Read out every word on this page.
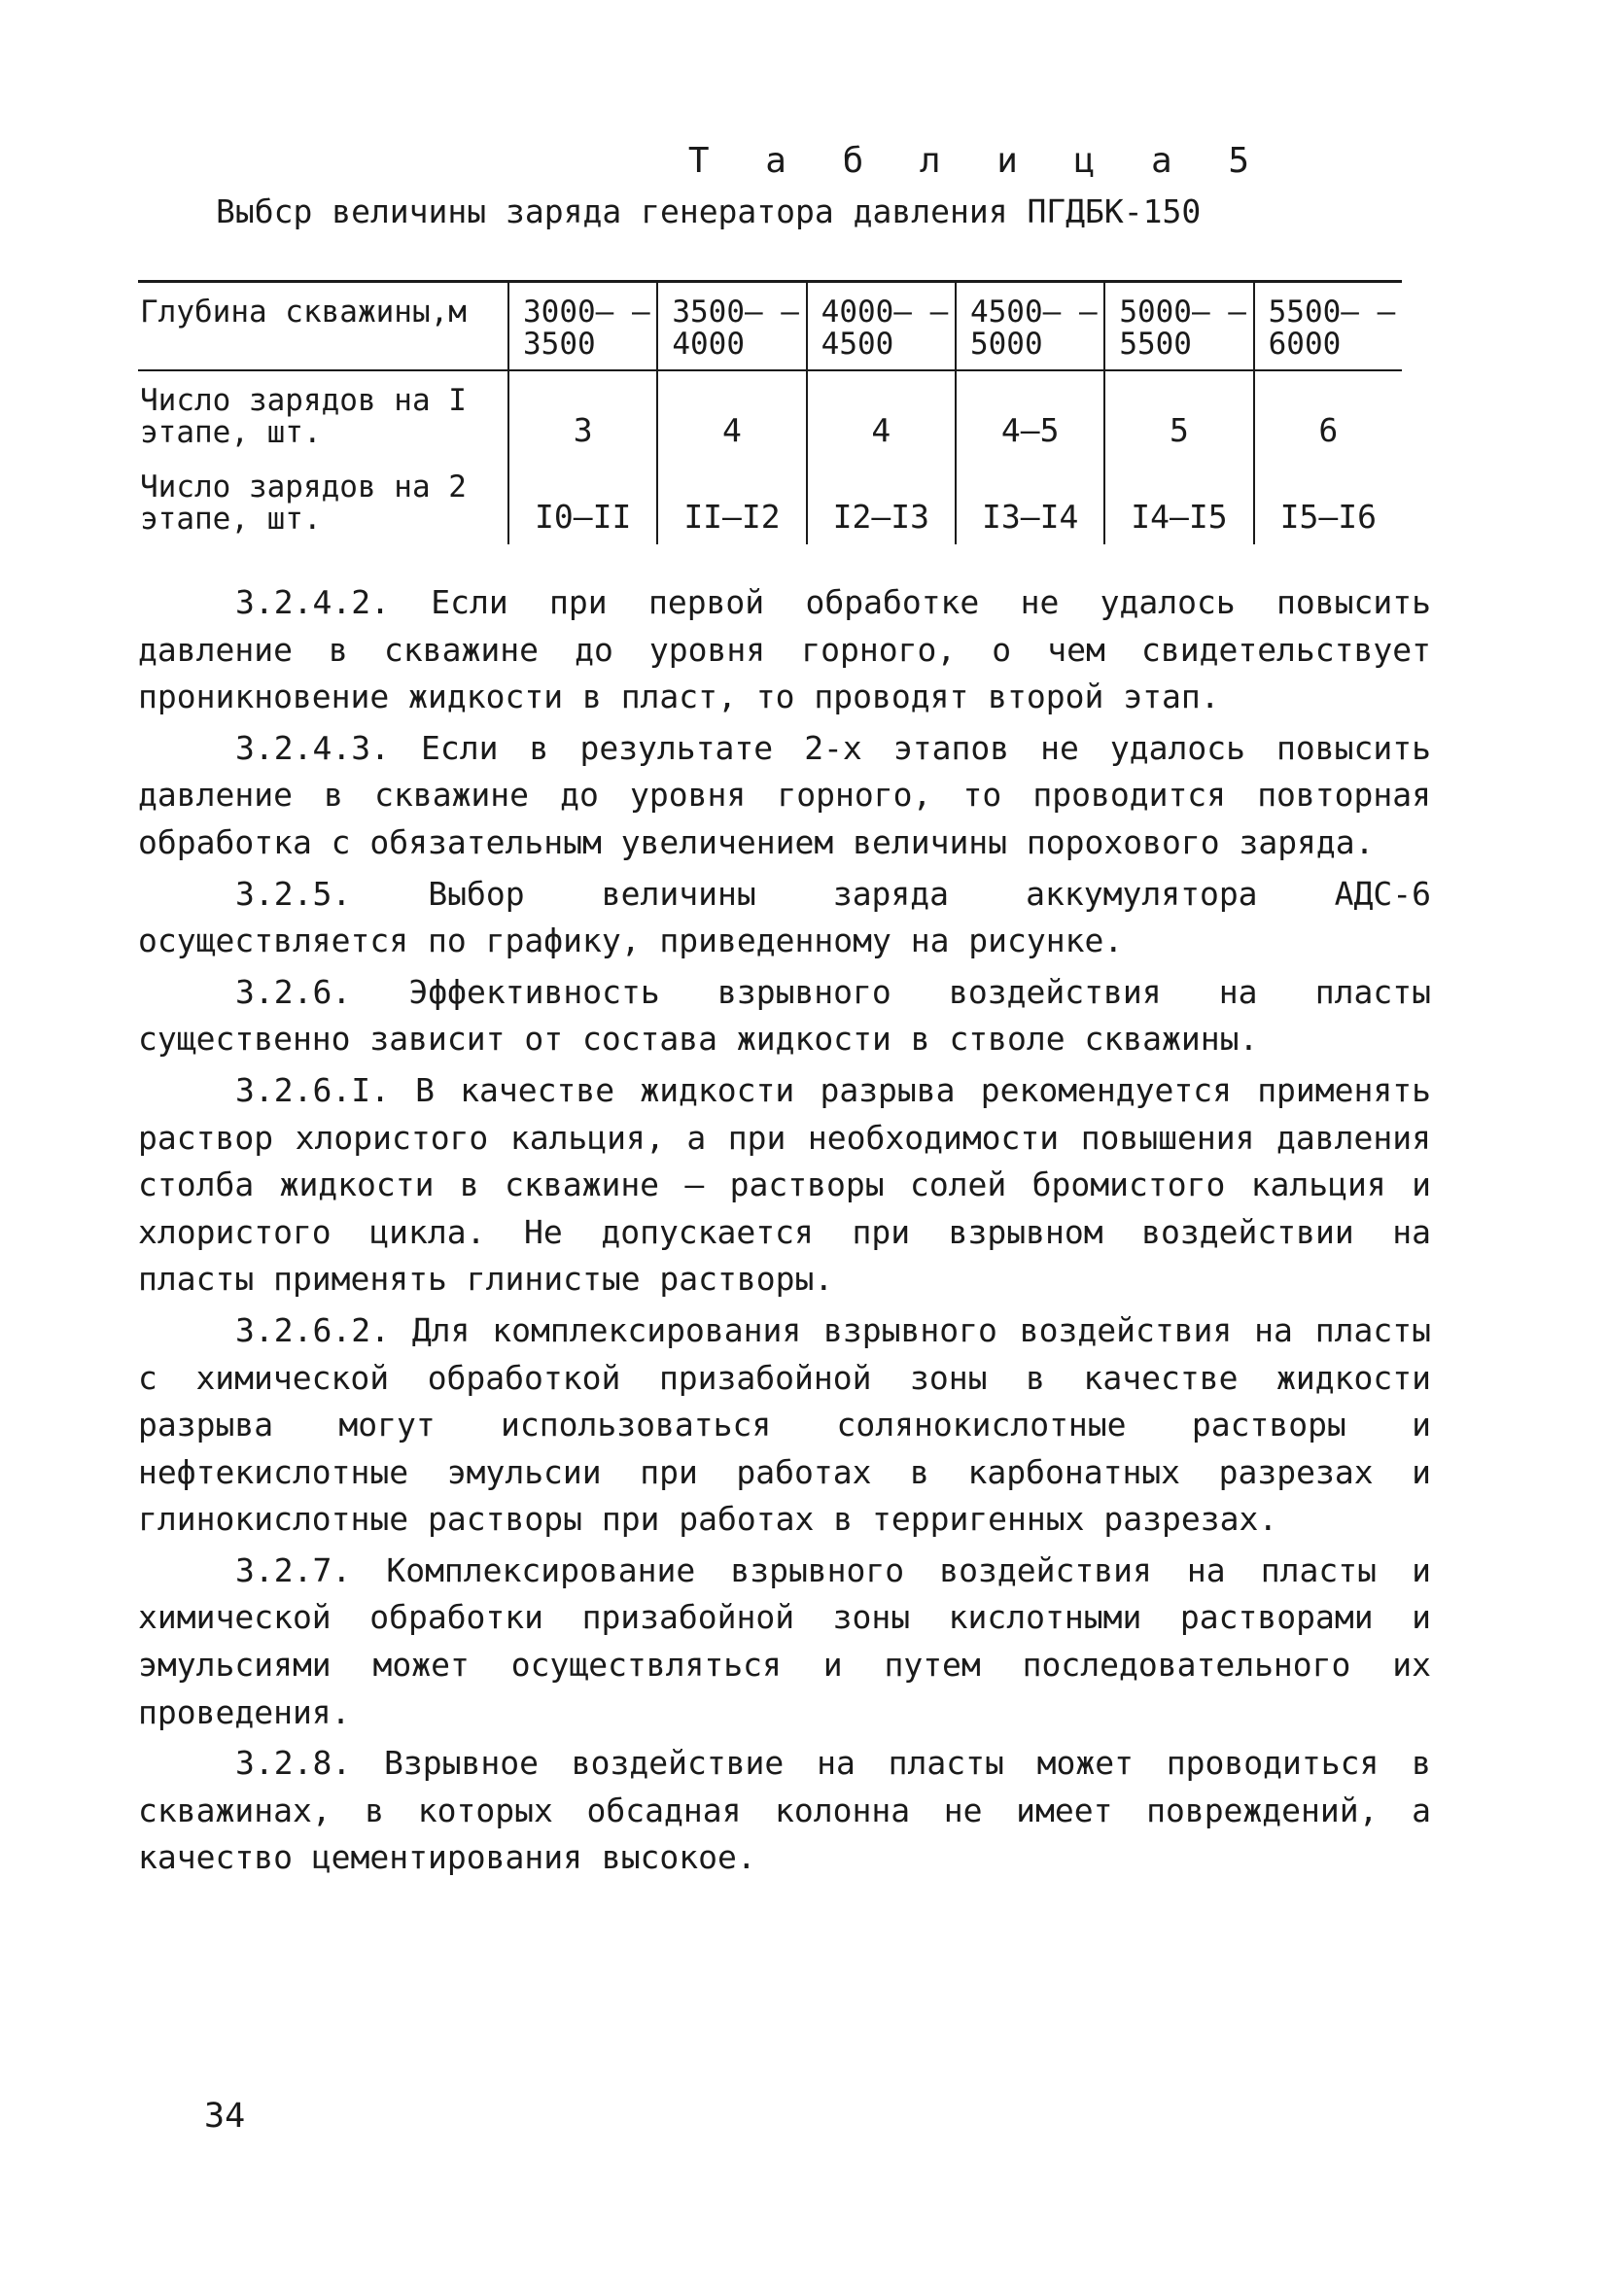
Т а б л и ц а 5
Выбср величины заряда генератора давления ПГДБК-150
Глубина скважины,м	3000– –3500	3500– –4000	4000– –4500	4500– –5000	5000– –5500	5500– –6000
Число зарядов на I этапе, шт.	3	4	4	4–5	5	6
Число зарядов на 2 этапе, шт.	I0–II	II–I2	I2–I3	I3–I4	I4–I5	I5–I6

3.2.4.2. Если при первой обработке не удалось повысить давление в скважине до уровня горного, о чем свидетельствует проникновение жидкости в пласт, то проводят второй этап.

3.2.4.3. Если в результате 2-х этапов не удалось повысить давление в скважине до уровня горного, то проводится повторная обработка с обязательным увеличением величины порохового заряда.

3.2.5. Выбор величины заряда аккумулятора АДС-6 осуществляется по графику, приведенному на рисунке.

3.2.6. Эффективность взрывного воздействия на пласты существенно зависит от состава жидкости в стволе скважины.

3.2.6.I. В качестве жидкости разрыва рекомендуется применять раствор хлористого кальция, а при необходимости повышения давления столба жидкости в скважине – растворы солей бромистого кальция и хлористого цикла. Не допускается при взрывном воздействии на пласты применять глинистые растворы.

3.2.6.2. Для комплексирования взрывного воздействия на пласты с химической обработкой призабойной зоны в качестве жидкости разрыва могут использоваться солянокислотные растворы и нефтекислотные эмульсии при работах в карбонатных разрезах и глинокислотные растворы при работах в терригенных разрезах.

3.2.7. Комплексирование взрывного воздействия на пласты и химической обработки призабойной зоны кислотными растворами и эмульсиями может осуществляться и путем последовательного их проведения.

3.2.8. Взрывное воздействие на пласты может проводиться в скважинах, в которых обсадная колонна не имеет повреждений, а качество цементирования высокое.

34
